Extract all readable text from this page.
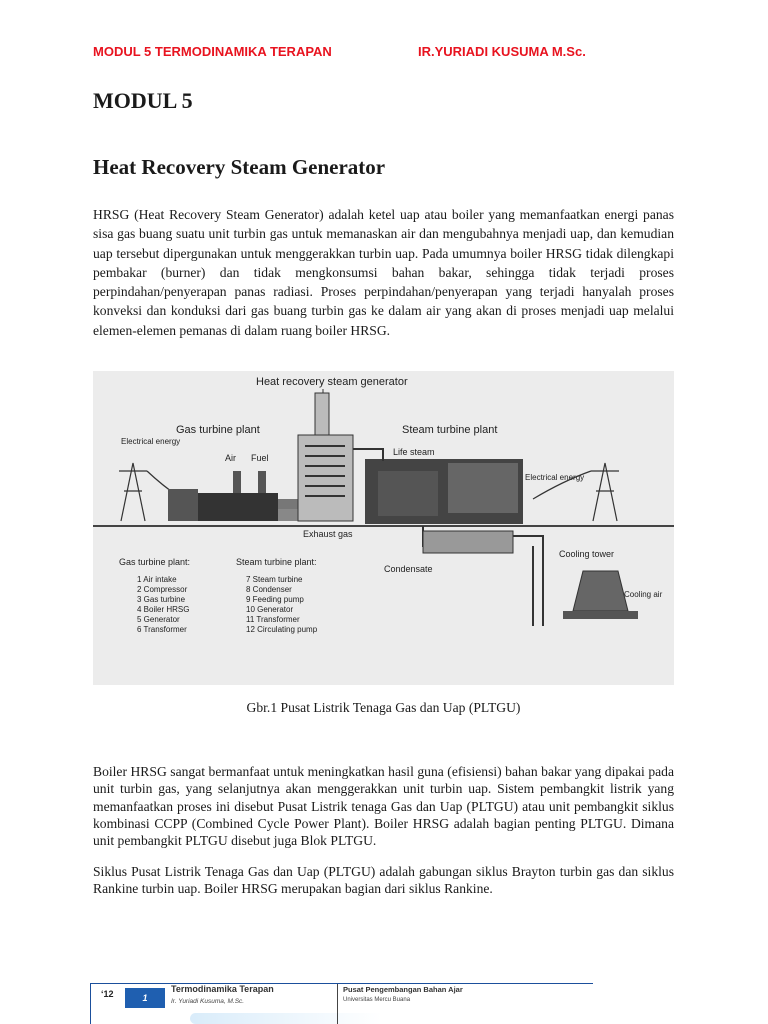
MODUL 5 TERMODINAMIKA TERAPAN	IR.YURIADI KUSUMA M.Sc.
MODUL 5
Heat Recovery Steam Generator

HRSG (Heat Recovery Steam Generator) adalah ketel uap atau boiler yang memanfaatkan energi panas sisa gas buang suatu unit turbin gas untuk memanaskan air dan mengubahnya menjadi uap, dan kemudian uap tersebut dipergunakan untuk menggerakkan turbin uap. Pada umumnya boiler HRSG tidak dilengkapi pembakar (burner) dan tidak mengkonsumsi bahan bakar, sehingga tidak terjadi proses perpindahan/penyerapan panas radiasi. Proses perpindahan/penyerapan yang terjadi hanyalah proses konveksi dan konduksi dari gas buang turbin gas ke dalam air yang akan di proses menjadi uap melalui elemen-elemen pemanas di dalam ruang boiler HRSG.

Heat recovery steam generator
Gas turbine plant	Steam turbine plant
Electrical energy
Electrical energy
Air Fuel
Life steam
Exhaust gas
Condensate
Cooling tower
Cooling air
Gas turbine plant:
1 Air intake
2 Compressor
3 Gas turbine
4 Boiler HRSG
5 Generator
6 Transformer
Steam turbine plant:
7 Steam turbine
8 Condenser
9 Feeding pump
10 Generator
11 Transformer
12 Circulating pump
Gbr.1 Pusat Listrik Tenaga Gas dan Uap (PLTGU)

Boiler HRSG sangat bermanfaat untuk meningkatkan hasil guna (efisiensi) bahan bakar yang dipakai pada unit turbin gas, yang selanjutnya akan menggerakkan unit turbin uap. Sistem pembangkit listrik yang memanfaatkan proses ini disebut Pusat Listrik tenaga Gas dan Uap (PLTGU) atau unit pembangkit siklus kombinasi CCPP (Combined Cycle Power Plant). Boiler HRSG adalah bagian penting PLTGU. Dimana unit pembangkit PLTGU disebut juga Blok PLTGU.

Siklus Pusat Listrik Tenaga Gas dan Uap (PLTGU) adalah gabungan siklus Brayton turbin gas dan siklus Rankine turbin uap. Boiler HRSG merupakan bagian dari siklus Rankine.

‘12	1
Termodinamika Terapan
Ir. Yuriadi Kusuma, M.Sc.
Pusat Pengembangan Bahan Ajar
Universitas Mercu Buana
